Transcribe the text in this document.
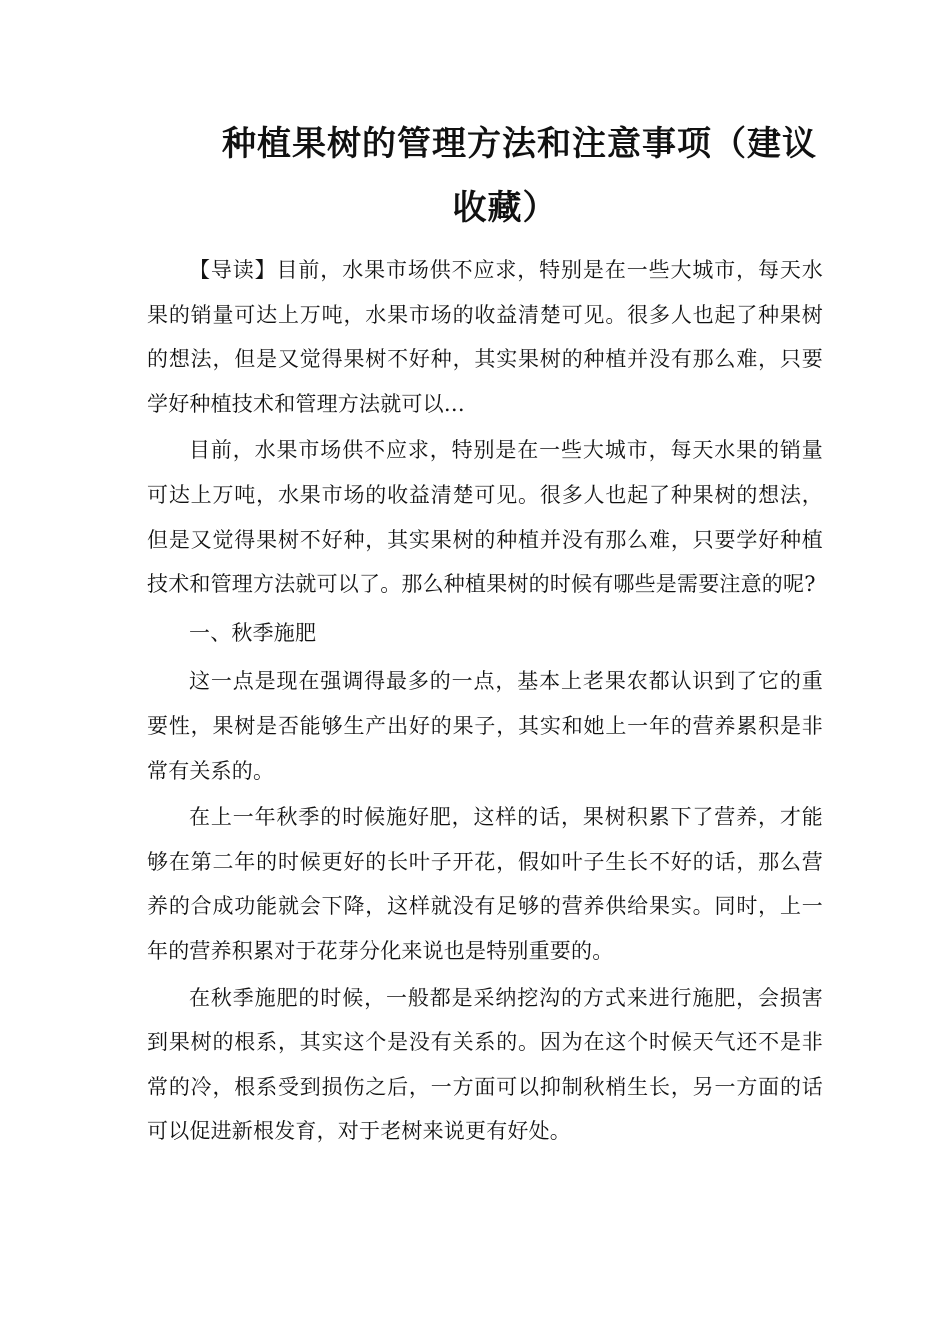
种植果树的管理方法和注意事项（建议
收藏）

【导读】目前，水果市场供不应求，特别是在一些大城市，每天水果的销量可达上万吨，水果市场的收益清楚可见。很多人也起了种果树的想法，但是又觉得果树不好种，其实果树的种植并没有那么难，只要学好种植技术和管理方法就可以…

目前，水果市场供不应求，特别是在一些大城市，每天水果的销量可达上万吨，水果市场的收益清楚可见。很多人也起了种果树的想法，但是又觉得果树不好种，其实果树的种植并没有那么难，只要学好种植技术和管理方法就可以了。那么种植果树的时候有哪些是需要注意的呢?

一、秋季施肥

这一点是现在强调得最多的一点，基本上老果农都认识到了它的重要性，果树是否能够生产出好的果子，其实和她上一年的营养累积是非常有关系的。

在上一年秋季的时候施好肥，这样的话，果树积累下了营养，才能够在第二年的时候更好的长叶子开花，假如叶子生长不好的话，那么营养的合成功能就会下降，这样就没有足够的营养供给果实。同时，上一年的营养积累对于花芽分化来说也是特别重要的。

在秋季施肥的时候，一般都是采纳挖沟的方式来进行施肥，会损害到果树的根系，其实这个是没有关系的。因为在这个时候天气还不是非常的冷，根系受到损伤之后，一方面可以抑制秋梢生长，另一方面的话可以促进新根发育，对于老树来说更有好处。
